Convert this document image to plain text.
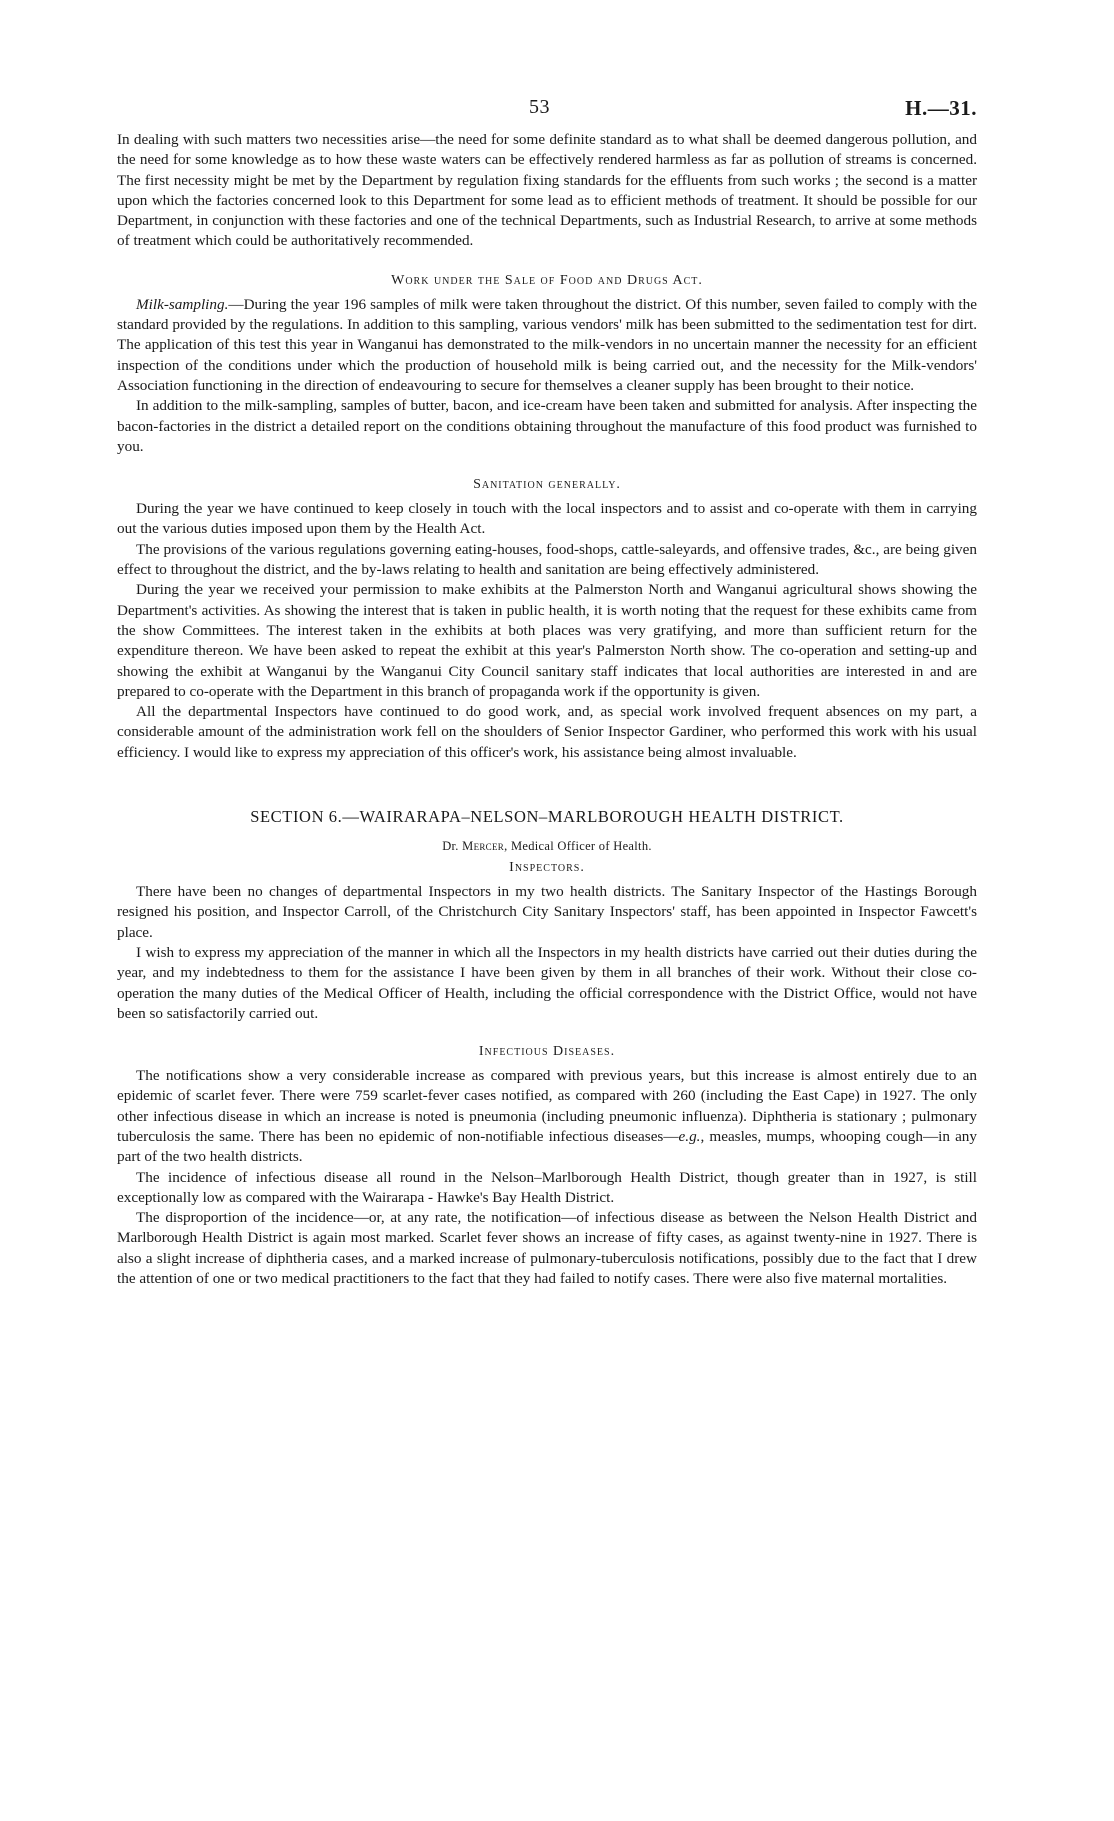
53	H.—31.

In dealing with such matters two necessities arise—the need for some definite standard as to what shall be deemed dangerous pollution, and the need for some knowledge as to how these waste waters can be effectively rendered harmless as far as pollution of streams is concerned. The first necessity might be met by the Department by regulation fixing standards for the effluents from such works ; the second is a matter upon which the factories concerned look to this Department for some lead as to efficient methods of treatment. It should be possible for our Department, in conjunction with these factories and one of the technical Departments, such as Industrial Research, to arrive at some methods of treatment which could be authoritatively recommended.

Work under the Sale of Food and Drugs Act.

Milk-sampling.—During the year 196 samples of milk were taken throughout the district. Of this number, seven failed to comply with the standard provided by the regulations. In addition to this sampling, various vendors' milk has been submitted to the sedimentation test for dirt. The application of this test this year in Wanganui has demonstrated to the milk-vendors in no uncertain manner the necessity for an efficient inspection of the conditions under which the production of household milk is being carried out, and the necessity for the Milk-vendors' Association functioning in the direction of endeavouring to secure for themselves a cleaner supply has been brought to their notice.

In addition to the milk-sampling, samples of butter, bacon, and ice-cream have been taken and submitted for analysis. After inspecting the bacon-factories in the district a detailed report on the conditions obtaining throughout the manufacture of this food product was furnished to you.

Sanitation generally.

During the year we have continued to keep closely in touch with the local inspectors and to assist and co-operate with them in carrying out the various duties imposed upon them by the Health Act.

The provisions of the various regulations governing eating-houses, food-shops, cattle-saleyards, and offensive trades, &c., are being given effect to throughout the district, and the by-laws relating to health and sanitation are being effectively administered.

During the year we received your permission to make exhibits at the Palmerston North and Wanganui agricultural shows showing the Department's activities. As showing the interest that is taken in public health, it is worth noting that the request for these exhibits came from the show Committees. The interest taken in the exhibits at both places was very gratifying, and more than sufficient return for the expenditure thereon. We have been asked to repeat the exhibit at this year's Palmerston North show. The co-operation and setting-up and showing the exhibit at Wanganui by the Wanganui City Council sanitary staff indicates that local authorities are interested in and are prepared to co-operate with the Department in this branch of propaganda work if the opportunity is given.

All the departmental Inspectors have continued to do good work, and, as special work involved frequent absences on my part, a considerable amount of the administration work fell on the shoulders of Senior Inspector Gardiner, who performed this work with his usual efficiency. I would like to express my appreciation of this officer's work, his assistance being almost invaluable.

SECTION 6.—WAIRARAPA–NELSON–MARLBOROUGH HEALTH DISTRICT.

Dr. Mercer, Medical Officer of Health.

Inspectors.

There have been no changes of departmental Inspectors in my two health districts. The Sanitary Inspector of the Hastings Borough resigned his position, and Inspector Carroll, of the Christchurch City Sanitary Inspectors' staff, has been appointed in Inspector Fawcett's place.

I wish to express my appreciation of the manner in which all the Inspectors in my health districts have carried out their duties during the year, and my indebtedness to them for the assistance I have been given by them in all branches of their work. Without their close co-operation the many duties of the Medical Officer of Health, including the official correspondence with the District Office, would not have been so satisfactorily carried out.

Infectious Diseases.

The notifications show a very considerable increase as compared with previous years, but this increase is almost entirely due to an epidemic of scarlet fever. There were 759 scarlet-fever cases notified, as compared with 260 (including the East Cape) in 1927. The only other infectious disease in which an increase is noted is pneumonia (including pneumonic influenza). Diphtheria is stationary ; pulmonary tuberculosis the same. There has been no epidemic of non-notifiable infectious diseases—e.g., measles, mumps, whooping cough—in any part of the two health districts.

The incidence of infectious disease all round in the Nelson–Marlborough Health District, though greater than in 1927, is still exceptionally low as compared with the Wairarapa - Hawke's Bay Health District.

The disproportion of the incidence—or, at any rate, the notification—of infectious disease as between the Nelson Health District and Marlborough Health District is again most marked. Scarlet fever shows an increase of fifty cases, as against twenty-nine in 1927. There is also a slight increase of diphtheria cases, and a marked increase of pulmonary-tuberculosis notifications, possibly due to the fact that I drew the attention of one or two medical practitioners to the fact that they had failed to notify cases. There were also five maternal mortalities.
